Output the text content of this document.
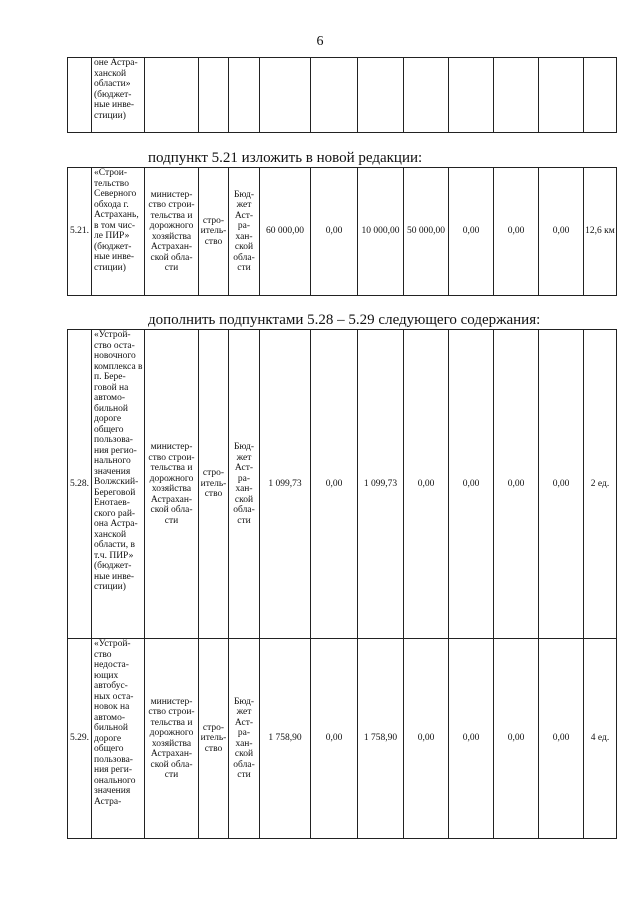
6
	оне Астра-ханской области» (бюджет-ные инве-стиции)											
подпункт 5.21 изложить в новой редакции:
5.21.	«Строи-тельство Северного обхода г. Астрахань, в том чис-ле ПИР» (бюджет-ные инве-стиции)	министер-ство строи-тельства и дорожного хозяйства Астрахан-ской обла-сти	стро-итель-ство	Бюд-жет Аст-ра-хан-ской обла-сти	60 000,00	0,00	10 000,00	50 000,00	0,00	0,00	0,00	12,6 км
дополнить подпунктами 5.28 – 5.29 следующего содержания:
5.28.	«Устрой-ство оста-новочного комплекса в п. Бере-говой на автомо-бильной дороге общего пользова-ния регио-нального значения Волжский-Береговой Енотаев-ского рай-она Астра-ханской области, в т.ч. ПИР» (бюджет-ные инве-стиции)	министер-ство строи-тельства и дорожного хозяйства Астрахан-ской обла-сти	стро-итель-ство	Бюд-жет Аст-ра-хан-ской обла-сти	1 099,73	0,00	1 099,73	0,00	0,00	0,00	0,00	2 ед.
5.29.	«Устрой-ство недоста-ющих автобус-ных оста-новок на автомо-бильной дороге общего пользова-ния реги-онального значения Астра-	министер-ство строи-тельства и дорожного хозяйства Астрахан-ской обла-сти	стро-итель-ство	Бюд-жет Аст-ра-хан-ской обла-сти	1 758,90	0,00	1 758,90	0,00	0,00	0,00	0,00	4 ед.
